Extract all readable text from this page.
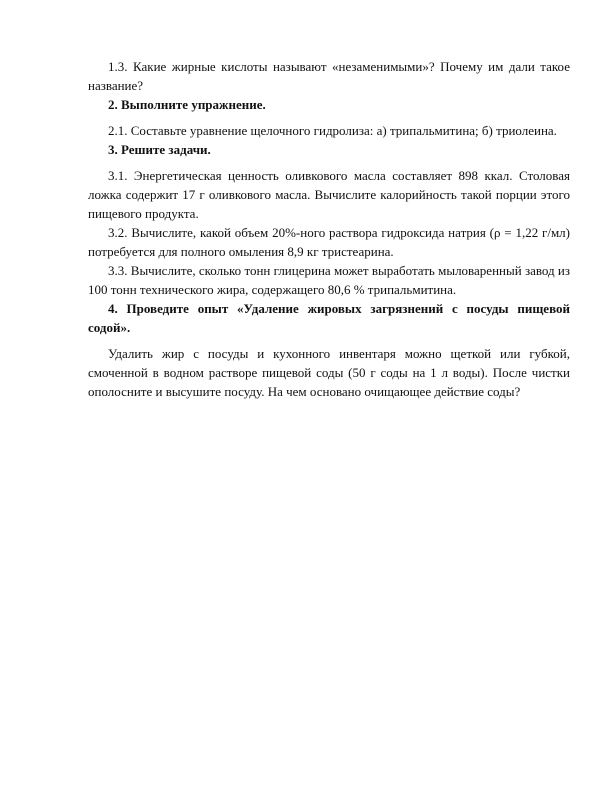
1.3. Какие жирные кислоты называют «незаменимыми»? Почему им дали такое название?

2. Выполните упражнение.

2.1. Составьте уравнение щелочного гидролиза: а) трипальмитина; б) триолеина.

3. Решите задачи.

3.1. Энергетическая ценность оливкового масла составляет 898 ккал. Столовая ложка содержит 17 г оливкового масла. Вычислите калорийность такой порции этого пищевого продукта.

3.2. Вычислите, какой объем 20%-ного раствора гидроксида натрия (ρ = 1,22 г/мл) потребуется для полного омыления 8,9 кг тристеарина.

3.3. Вычислите, сколько тонн глицерина может выработать мыловаренный завод из 100 тонн технического жира, содержащего 80,6 % трипальмитина.

4. Проведите опыт «Удаление жировых загрязнений с посуды пищевой содой».

Удалить жир с посуды и кухонного инвентаря можно щеткой или губкой, смоченной в водном растворе пищевой соды (50 г соды на 1 л воды). После чистки ополосните и высушите посуду. На чем основано очищающее действие соды?
